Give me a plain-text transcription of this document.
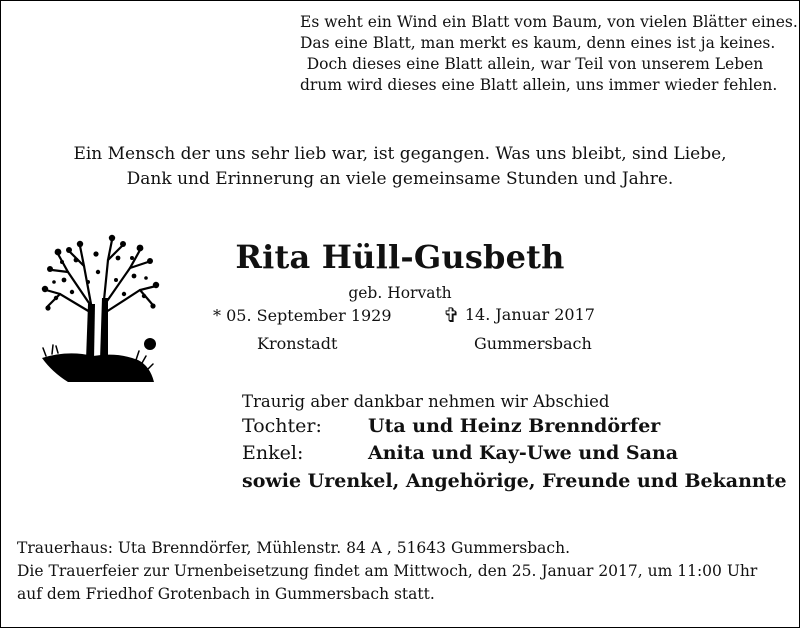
Es weht ein Wind ein Blatt vom Baum, von vielen Blätter eines.
Das eine Blatt, man merkt es kaum, denn eines ist ja keines.
Doch dieses eine Blatt allein, war Teil von unserem Leben
drum wird dieses eine Blatt allein, uns immer wieder fehlen.
Ein Mensch der uns sehr lieb war, ist gegangen. Was uns bleibt, sind Liebe,
Dank und Erinnerung an viele gemeinsame Stunden und Jahre.
Rita Hüll-Gusbeth
geb. Horvath
* 05. September 1929	✞ 14. Januar 2017
Kronstadt	Gummersbach
Traurig aber dankbar nehmen wir Abschied
Tochter: Uta und Heinz Brenndörfer
Enkel:	Anita und Kay-Uwe und Sana
sowie Urenkel, Angehörige, Freunde und Bekannte
Trauerhaus: Uta Brenndörfer, Mühlenstr. 84 A , 51643 Gummersbach.
Die Trauerfeier zur Urnenbeisetzung findet am Mittwoch, den 25. Januar 2017, um 11:00 Uhr
auf dem Friedhof Grotenbach in Gummersbach statt.
